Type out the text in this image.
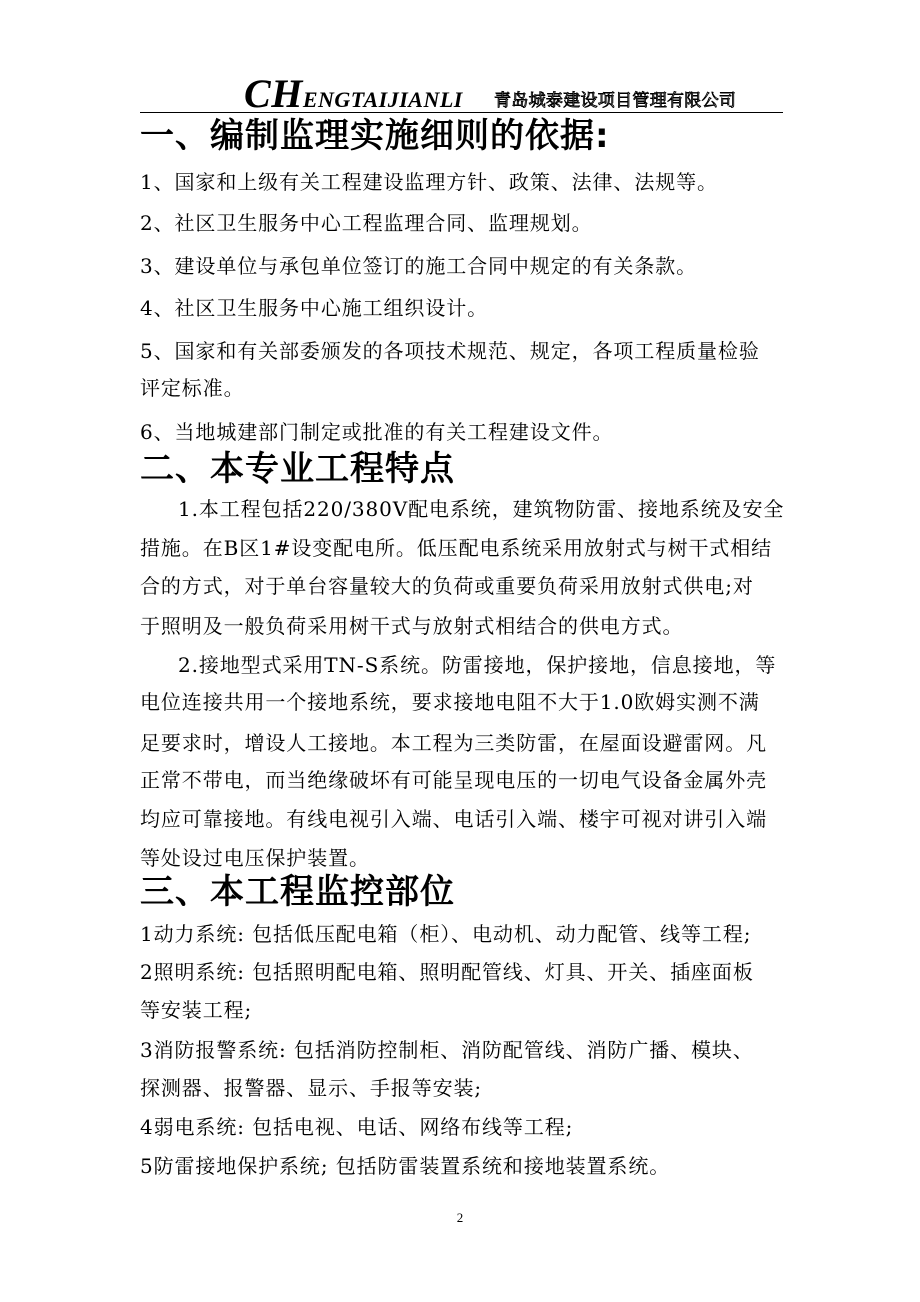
CHENGTAIJIANLI 青岛城泰建设项目管理有限公司
一、编制监理实施细则的依据:
1、国家和上级有关工程建设监理方针、政策、法律、法规等。
2、社区卫生服务中心工程监理合同、监理规划。
3、建设单位与承包单位签订的施工合同中规定的有关条款。
4、社区卫生服务中心施工组织设计。
5、国家和有关部委颁发的各项技术规范、规定，各项工程质量检验
评定标准。
6、当地城建部门制定或批准的有关工程建设文件。
二、本专业工程特点
1.本工程包括220/380V配电系统，建筑物防雷、接地系统及安全
措施。在B区1#设变配电所。低压配电系统采用放射式与树干式相结
合的方式，对于单台容量较大的负荷或重要负荷采用放射式供电;对
于照明及一般负荷采用树干式与放射式相结合的供电方式。
2.接地型式采用TN-S系统。防雷接地，保护接地，信息接地，等
电位连接共用一个接地系统，要求接地电阻不大于1.0欧姆实测不满
足要求时，增设人工接地。本工程为三类防雷，在屋面设避雷网。凡
正常不带电，而当绝缘破坏有可能呈现电压的一切电气设备金属外壳
均应可靠接地。有线电视引入端、电话引入端、楼宇可视对讲引入端
等处设过电压保护装置。
三、本工程监控部位
1动力系统: 包括低压配电箱（柜）、电动机、动力配管、线等工程;
2照明系统: 包括照明配电箱、照明配管线、灯具、开关、插座面板
等安装工程;
3消防报警系统: 包括消防控制柜、消防配管线、消防广播、模块、
探测器、报警器、显示、手报等安装;
4弱电系统: 包括电视、电话、网络布线等工程;
5防雷接地保护系统; 包括防雷装置系统和接地装置系统。
2
